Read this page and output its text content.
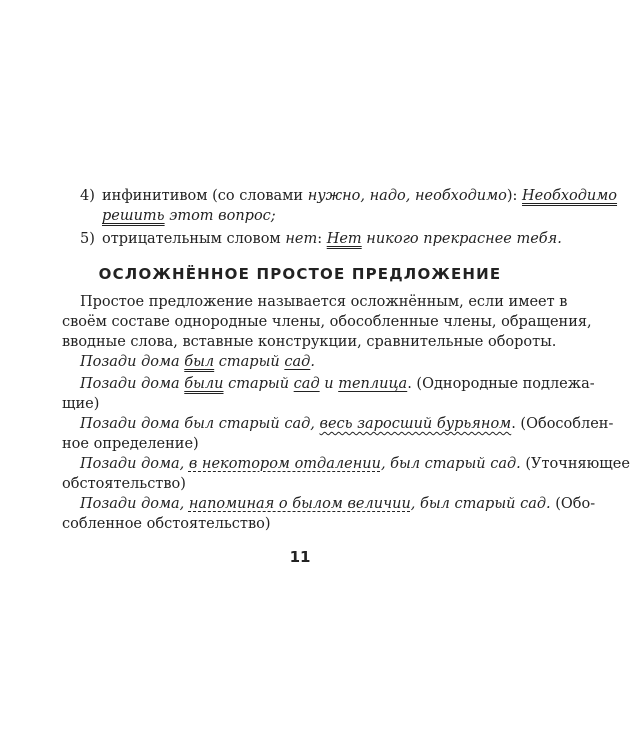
4) инфинитивом (со словами нужно, надо, необходимо): Необходимо
решить этот вопрос;
5) отрицательным словом нет: Нет никого прекраснее тебя.
ОСЛОЖНЁННОЕ ПРОСТОЕ ПРЕДЛОЖЕНИЕ
Простое предложение называется осложнённым, если имеет в
своём составе однородные члены, обособленные члены, обращения,
вводные слова, вставные конструкции, сравнительные обороты.
Позади дома был старый сад.
Позади дома были старый сад и теплица. (Однородные подлежа-
щие)
Позади дома был старый сад, весь заросший бурьяном. (Обособлен-
ное определение)
Позади дома, в некотором отдалении, был старый сад. (Уточняющее
обстоятельство)
Позади дома, напоминая о былом величии, был старый сад. (Обо-
собленное обстоятельство)
11
